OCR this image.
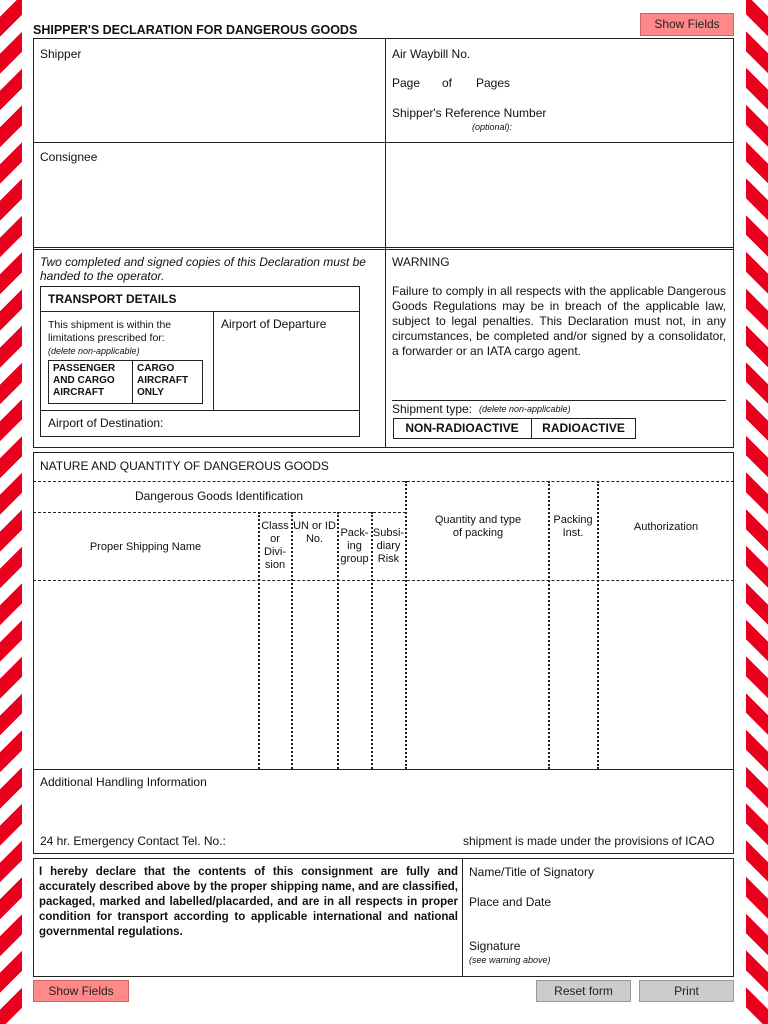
SHIPPER'S DECLARATION FOR DANGEROUS GOODS	Show Fields
Shipper	Air Waybill No.
Page of Pages
Shipper's Reference Number
(optional):
Consignee
Two completed and signed copies of this Declaration must be handed to the operator.
TRANSPORT DETAILS
This shipment is within the limitations prescribed for:
(delete non-applicable)
PASSENGER AND CARGO AIRCRAFT
CARGO AIRCRAFT ONLY
Airport of Departure
Airport of Destination:
WARNING
Failure to comply in all respects with the applicable Dangerous Goods Regulations may be in breach of the applicable law, subject to legal penalties. This Declaration must not, in any circumstances, be completed and/or signed by a consolidator, a forwarder or an IATA cargo agent.
Shipment type: (delete non-applicable)
NON-RADIOACTIVE	RADIOACTIVE
NATURE AND QUANTITY OF DANGEROUS GOODS
Dangerous Goods Identification
Proper Shipping Name
Class or Divi- sion
UN or ID No.	Pack- ing group
Subsi- diary Risk
Quantity and type of packing
Packing Inst.	Authorization
Additional Handling Information
24 hr. Emergency Contact Tel. No.:	shipment is made under the provisions of ICAO
I hereby declare that the contents of this consignment are fully and accurately described above by the proper shipping name, and are classified, packaged, marked and labelled/placarded, and are in all respects in proper condition for transport according to applicable international and national governmental regulations.
Name/Title of Signatory
Place and Date
Signature
(see warning above)
Show Fields	Reset form	Print
